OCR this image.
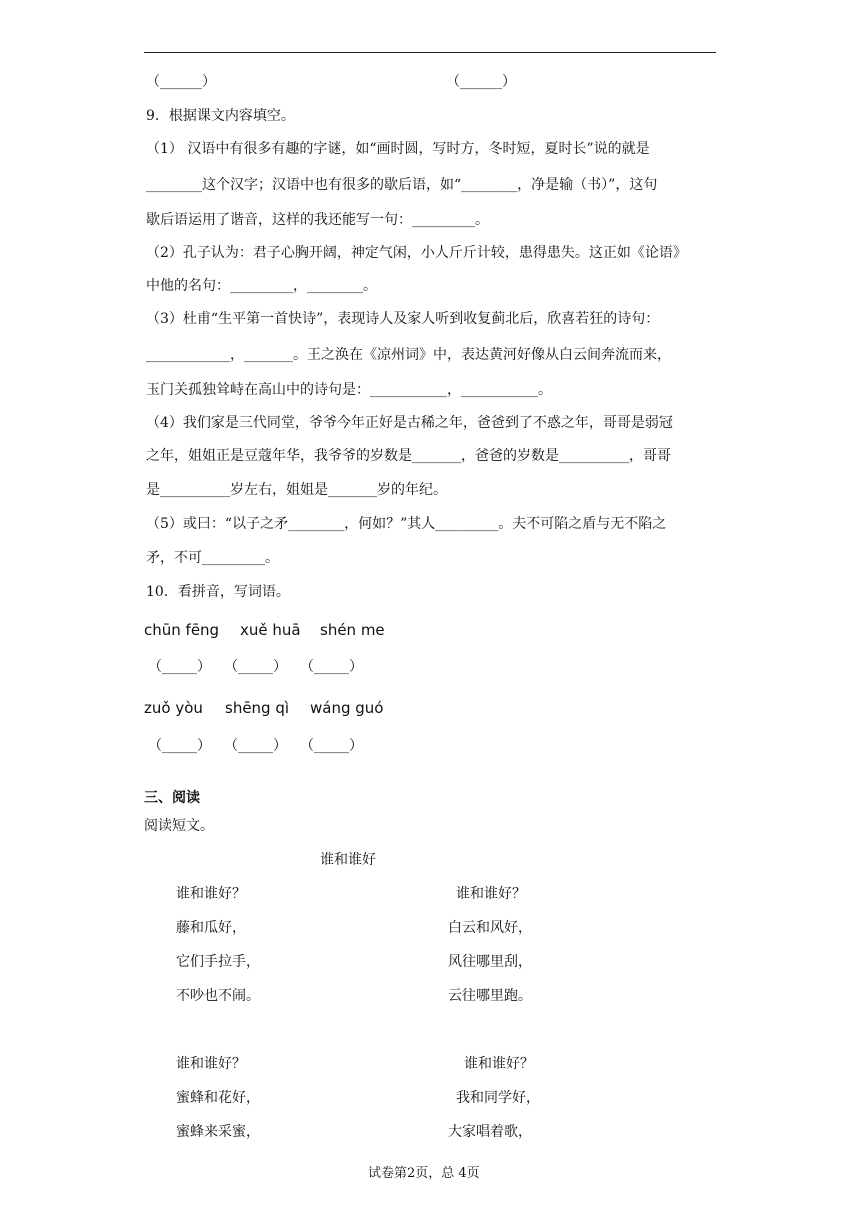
（______）	（______）
9．根据课文内容填空。
（1） 汉语中有很多有趣的字谜，如“画时圆，写时方，冬时短，夏时长”说的就是
________这个汉字；汉语中也有很多的歇后语，如“________，净是输（书）”，这句
歇后语运用了谐音，这样的我还能写一句：_________。
（2）孔子认为：君子心胸开阔，神定气闲，小人斤斤计较，患得患失。这正如《论语》
中他的名句：_________，________。
（3）杜甫“生平第一首快诗”，表现诗人及家人听到收复蓟北后，欣喜若狂的诗句：
____________，_______。王之涣在《凉州词》中，表达黄河好像从白云间奔流而来，
玉门关孤独耸峙在高山中的诗句是：___________，___________。
（4）我们家是三代同堂，爷爷今年正好是古稀之年，爸爸到了不惑之年，哥哥是弱冠
之年，姐姐正是豆蔻年华，我爷爷的岁数是_______，爸爸的岁数是__________，哥哥
是__________岁左右，姐姐是_______岁的年纪。
（5）或曰：“以子之矛________，何如？”其人_________。夫不可陷之盾与无不陷之
矛，不可_________。
10．看拼音，写词语。
chūn fēng xuě huā shén me
（_____） （_____） （_____）
zuǒ yòu shēng qì wáng guó
（_____） （_____） （_____）
三、阅读
阅读短文。
谁和谁好
谁和谁好？
藤和瓜好，
它们手拉手，
不吵也不闹。
谁和谁好？
白云和风好，
风往哪里刮，
云往哪里跑。
谁和谁好？
蜜蜂和花好，
蜜蜂来采蜜，
谁和谁好？
我和同学好，
大家唱着歌，
试卷第2页，总 4页
